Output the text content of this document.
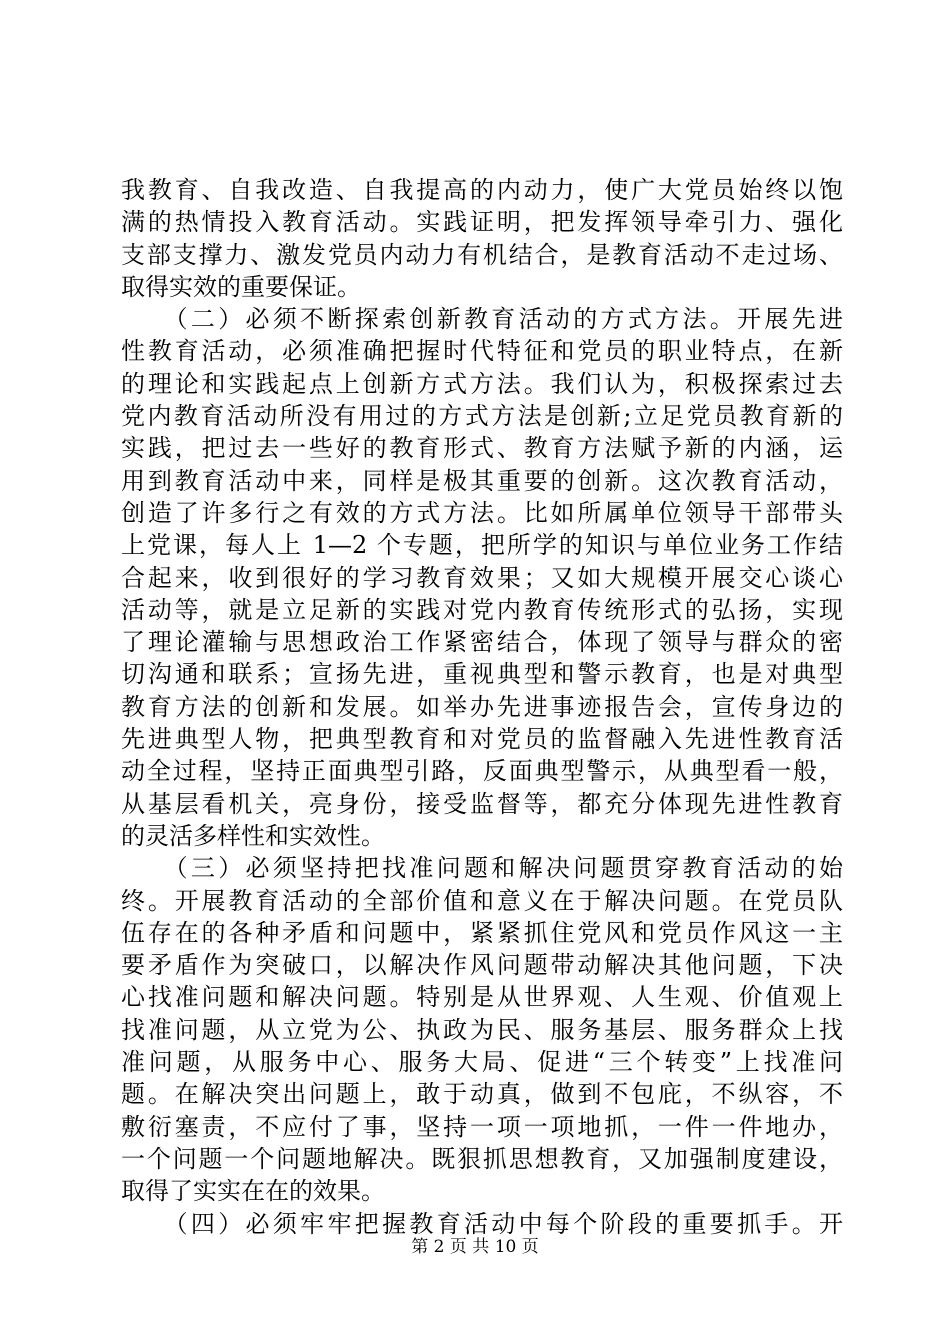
我教育、自我改造、自我提高的内动力，使广大党员始终以饱
满的热情投入教育活动。实践证明，把发挥领导牵引力、强化
支部支撑力、激发党员内动力有机结合，是教育活动不走过场、
取得实效的重要保证。
　　（二）必须不断探索创新教育活动的方式方法。开展先进
性教育活动，必须准确把握时代特征和党员的职业特点，在新
的理论和实践起点上创新方式方法。我们认为，积极探索过去
党内教育活动所没有用过的方式方法是创新;立足党员教育新的
实践，把过去一些好的教育形式、教育方法赋予新的内涵，运
用到教育活动中来，同样是极其重要的创新。这次教育活动，
创造了许多行之有效的方式方法。比如所属单位领导干部带头
上党课，每人上 1—2 个专题，把所学的知识与单位业务工作结
合起来，收到很好的学习教育效果；又如大规模开展交心谈心
活动等，就是立足新的实践对党内教育传统形式的弘扬，实现
了理论灌输与思想政治工作紧密结合，体现了领导与群众的密
切沟通和联系；宣扬先进，重视典型和警示教育，也是对典型
教育方法的创新和发展。如举办先进事迹报告会，宣传身边的
先进典型人物，把典型教育和对党员的监督融入先进性教育活
动全过程，坚持正面典型引路，反面典型警示，从典型看一般，
从基层看机关，亮身份，接受监督等，都充分体现先进性教育
的灵活多样性和实效性。
　　（三）必须坚持把找准问题和解决问题贯穿教育活动的始
终。开展教育活动的全部价值和意义在于解决问题。在党员队
伍存在的各种矛盾和问题中，紧紧抓住党风和党员作风这一主
要矛盾作为突破口，以解决作风问题带动解决其他问题，下决
心找准问题和解决问题。特别是从世界观、人生观、价值观上
找准问题，从立党为公、执政为民、服务基层、服务群众上找
准问题，从服务中心、服务大局、促进“三个转变”上找准问
题。在解决突出问题上，敢于动真，做到不包庇，不纵容，不
敷衍塞责，不应付了事，坚持一项一项地抓，一件一件地办，
一个问题一个问题地解决。既狠抓思想教育，又加强制度建设，
取得了实实在在的效果。
　　（四）必须牢牢把握教育活动中每个阶段的重要抓手。开
第 2 页 共 10 页
